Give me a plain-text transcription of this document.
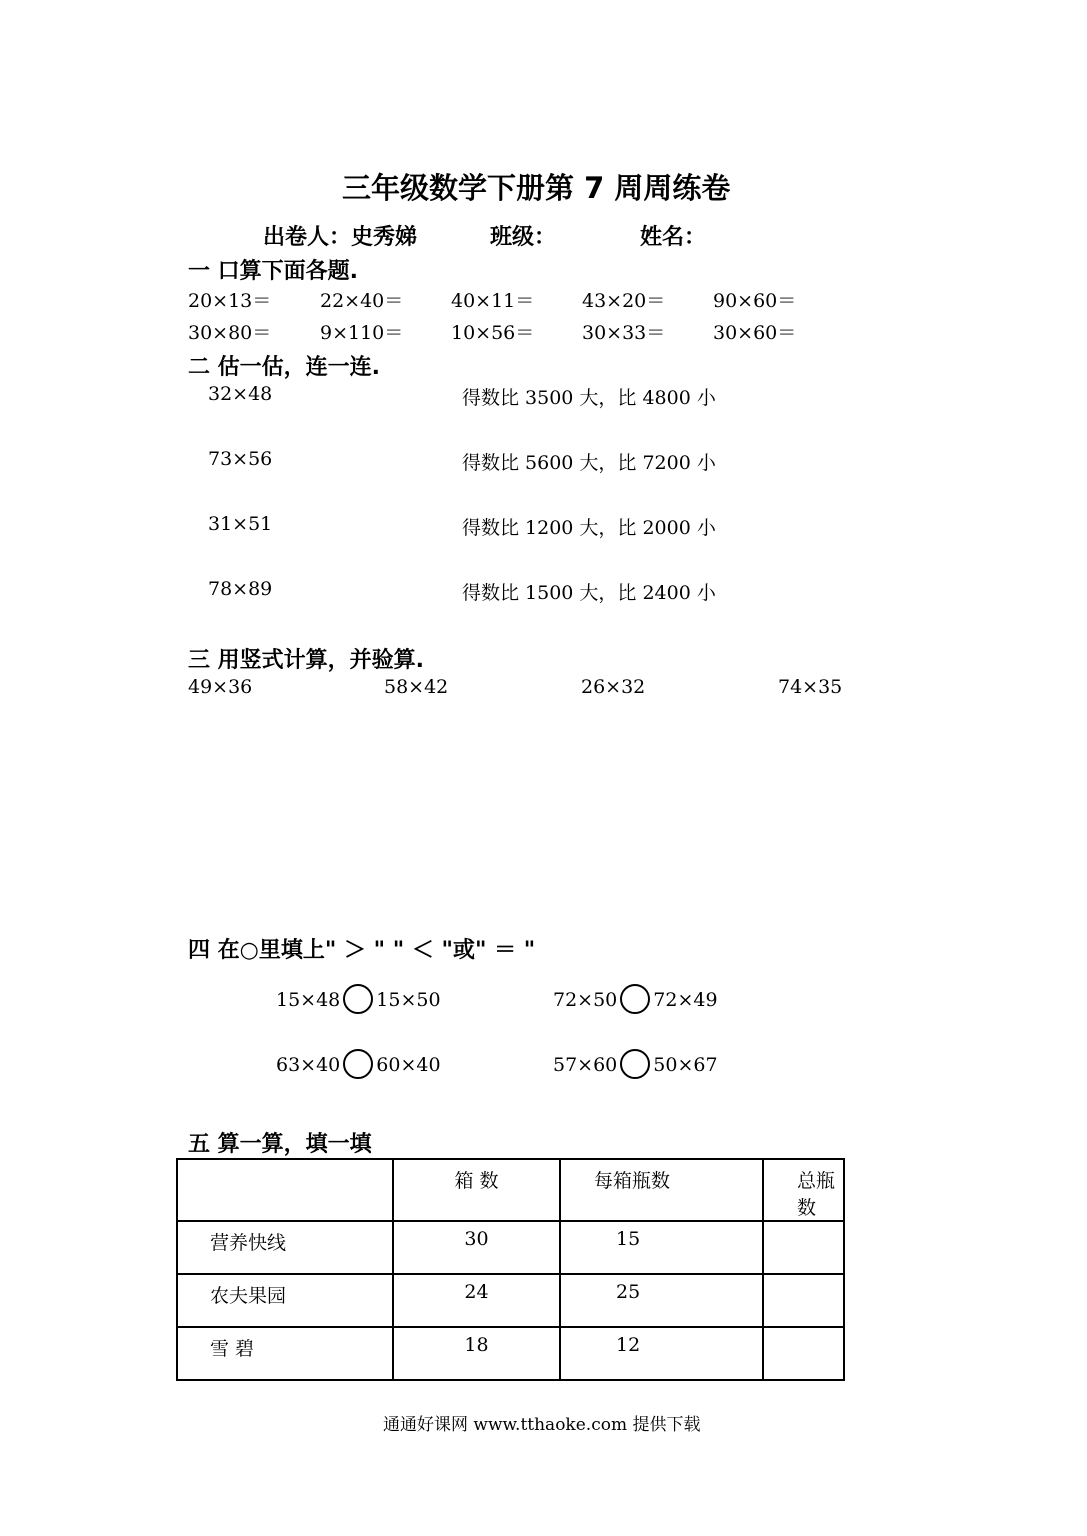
三年级数学下册第 7 周周练卷
出卷人：史秀娣	班级：	姓名：
一 口算下面各题.
20×13＝	22×40＝	40×11＝	43×20＝	90×60＝
30×80＝	9×110＝	10×56＝	30×33＝	30×60＝
二 估一估，连一连.
32×48	得数比 3500 大，比 4800 小
73×56	得数比 5600 大，比 7200 小
31×51	得数比 1200 大，比 2000 小
78×89	得数比 1500 大，比 2400 小
三 用竖式计算，并验算.
49×36	58×42	26×32	74×35
四 在○里填上" ＞ " " ＜ "或" ＝ "
15×48 15×50	72×50 72×49
63×40 60×40	57×60 50×67
五 算一算，填一填
	箱 数	每箱瓶数	总瓶数
营养快线	30	15	
农夫果园	24	25	
雪 碧	18	12	
通通好课网 www.tthaoke.com 提供下载
